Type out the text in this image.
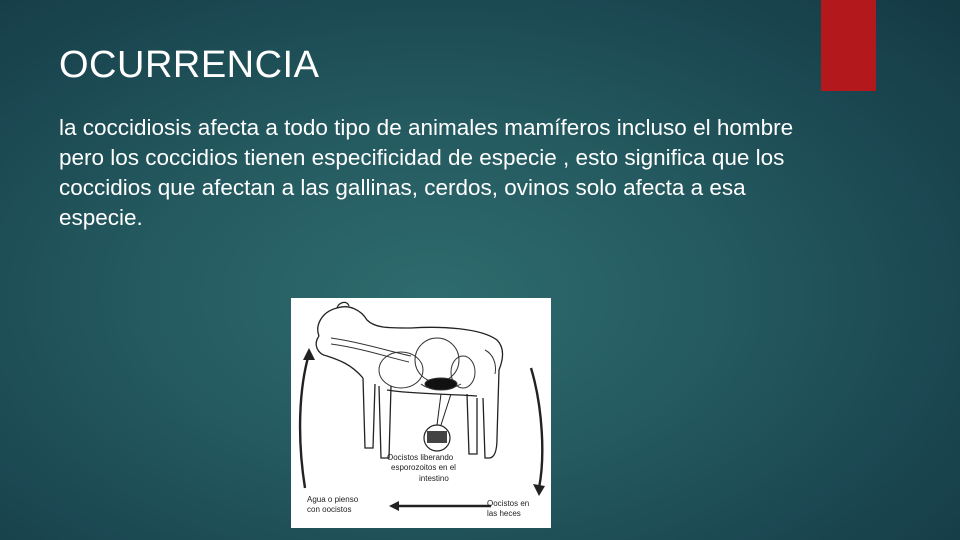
OCURRENCIA

la coccidiosis afecta a todo tipo de animales mamíferos incluso el hombre pero los coccidios tienen especificidad de especie , esto significa que los coccidios que afectan a las gallinas, cerdos, ovinos solo afecta a esa especie.

Oocistos liberando
esporozoitos en el
intestino
Agua o pienso
con oocistos
Oocistos en
las heces
